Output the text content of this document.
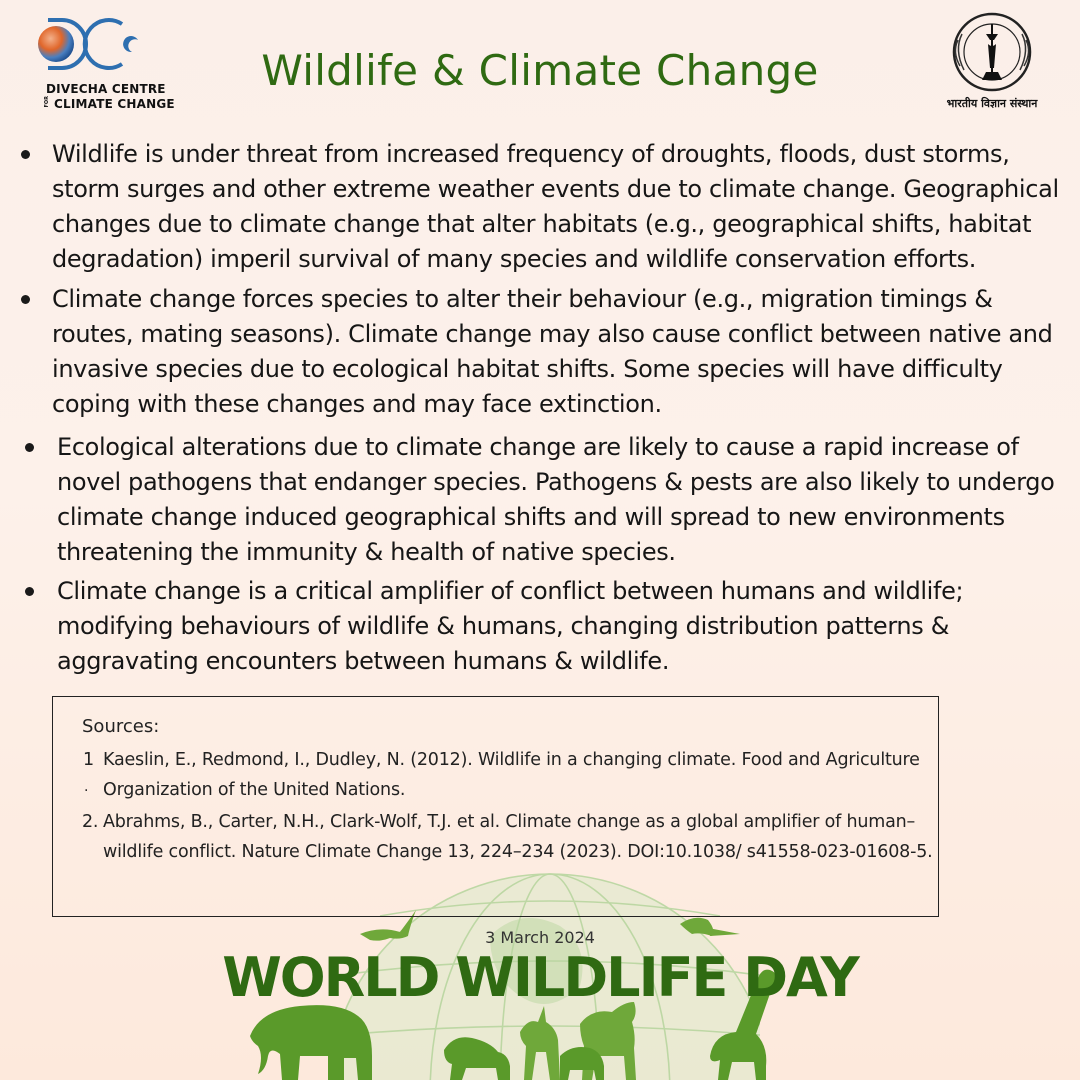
DIVECHA CENTRE
FOR CLIMATE CHANGE
Wildlife & Climate Change
भारतीय विज्ञान संस्थान
Wildlife is under threat from increased frequency of droughts, floods, dust storms, storm surges and other extreme weather events due to climate change. Geographical changes due to climate change that alter habitats (e.g., geographical shifts, habitat degradation) imperil survival of many species and wildlife conservation efforts.
Climate change forces species to alter their behaviour (e.g., migration timings & routes, mating seasons). Climate change may also cause conflict between native and invasive species due to ecological habitat shifts. Some species will have difficulty coping with these changes and may face extinction.
Ecological alterations due to climate change are likely to cause a rapid increase of novel pathogens that endanger species. Pathogens & pests are also likely to undergo climate change induced geographical shifts and will spread to new environments threatening the immunity & health of native species.
Climate change is a critical amplifier of conflict between humans and wildlife; modifying behaviours of wildlife & humans, changing distribution patterns & aggravating encounters between humans & wildlife.
Sources:
1
.
Kaeslin, E., Redmond, I., Dudley, N. (2012). Wildlife in a changing climate. Food and Agriculture Organization of the United Nations.
2. Abrahms, B., Carter, N.H., Clark-Wolf, T.J. et al. Climate change as a global amplifier of human–wildlife conflict. Nature Climate Change 13, 224–234 (2023). DOI:10.1038/ s41558-023-01608-5.
3 March 2024
WORLD WILDLIFE DAY
